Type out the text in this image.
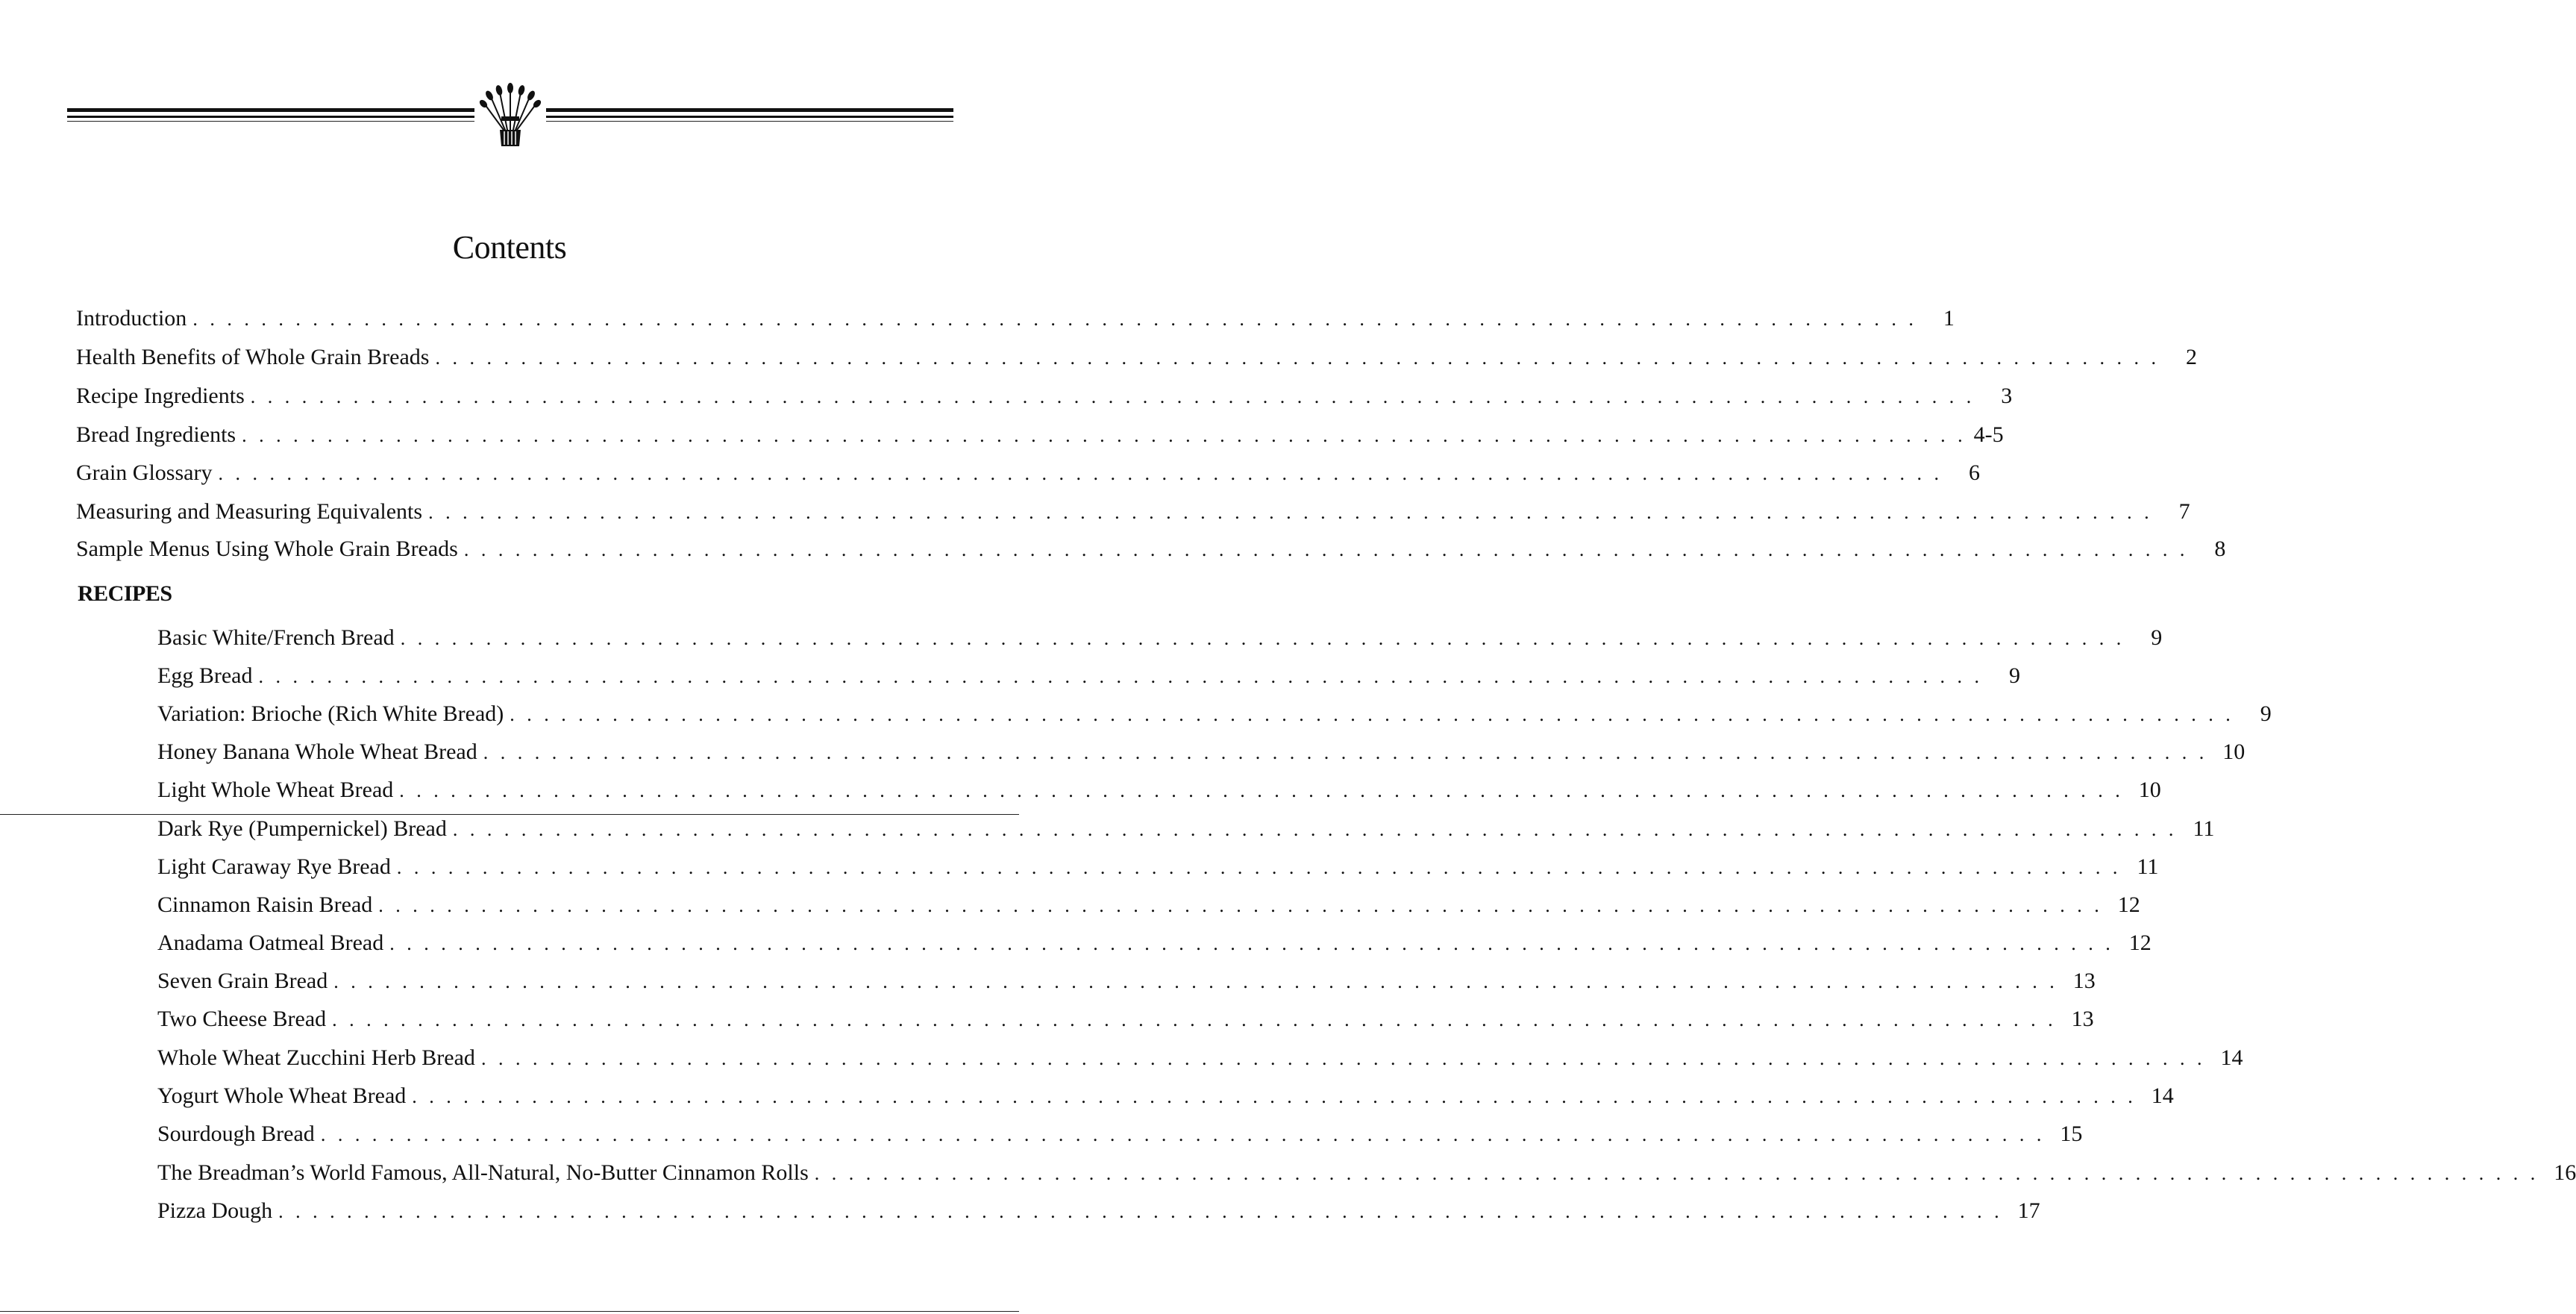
Contents
Introduction . . . . . . . . . . . . . . . . . . . . . . . . . . . . . . . . . . . . . . . . . . . . . . . . . . . . . . . . . . . . . . . . . . . . . . . . . . . . . . . . . . . . . . . . . . . . . . . . . . . . .	1
Health Benefits of Whole Grain Breads . . . . . . . . . . . . . . . . . . . . . . . . . . . . . . . . . . . . . . . . . . . . . . . . . . . . . . . . . . . . . . . . . . . . . . . . . . . . . . . . . . . . . . . . . . . . . . . . . . . . .	2
Recipe Ingredients . . . . . . . . . . . . . . . . . . . . . . . . . . . . . . . . . . . . . . . . . . . . . . . . . . . . . . . . . . . . . . . . . . . . . . . . . . . . . . . . . . . . . . . . . . . . . . . . . . . . .	3
Bread Ingredients . . . . . . . . . . . . . . . . . . . . . . . . . . . . . . . . . . . . . . . . . . . . . . . . . . . . . . . . . . . . . . . . . . . . . . . . . . . . . . . . . . . . . . . . . . . . . . . . . . . . . 4-5
Grain Glossary . . . . . . . . . . . . . . . . . . . . . . . . . . . . . . . . . . . . . . . . . . . . . . . . . . . . . . . . . . . . . . . . . . . . . . . . . . . . . . . . . . . . . . . . . . . . . . . . . . . . .	6
Measuring and Measuring Equivalents . . . . . . . . . . . . . . . . . . . . . . . . . . . . . . . . . . . . . . . . . . . . . . . . . . . . . . . . . . . . . . . . . . . . . . . . . . . . . . . . . . . . . . . . . . . . . . . . . . . . .	7
Sample Menus Using Whole Grain Breads . . . . . . . . . . . . . . . . . . . . . . . . . . . . . . . . . . . . . . . . . . . . . . . . . . . . . . . . . . . . . . . . . . . . . . . . . . . . . . . . . . . . . . . . . . . . . . . . . . . . .	8
RECIPES
Basic White/French Bread . . . . . . . . . . . . . . . . . . . . . . . . . . . . . . . . . . . . . . . . . . . . . . . . . . . . . . . . . . . . . . . . . . . . . . . . . . . . . . . . . . . . . . . . . . . . . . . . . . . . .	9
Egg Bread . . . . . . . . . . . . . . . . . . . . . . . . . . . . . . . . . . . . . . . . . . . . . . . . . . . . . . . . . . . . . . . . . . . . . . . . . . . . . . . . . . . . . . . . . . . . . . . . . . . . .	9
Variation: Brioche (Rich White Bread) . . . . . . . . . . . . . . . . . . . . . . . . . . . . . . . . . . . . . . . . . . . . . . . . . . . . . . . . . . . . . . . . . . . . . . . . . . . . . . . . . . . . . . . . . . . . . . . . . . . . .	9
Honey Banana Whole Wheat Bread . . . . . . . . . . . . . . . . . . . . . . . . . . . . . . . . . . . . . . . . . . . . . . . . . . . . . . . . . . . . . . . . . . . . . . . . . . . . . . . . . . . . . . . . . . . . . . . . . . . . . 10
Light Whole Wheat Bread . . . . . . . . . . . . . . . . . . . . . . . . . . . . . . . . . . . . . . . . . . . . . . . . . . . . . . . . . . . . . . . . . . . . . . . . . . . . . . . . . . . . . . . . . . . . . . . . . . . . . 10
Dark Rye (Pumpernickel) Bread . . . . . . . . . . . . . . . . . . . . . . . . . . . . . . . . . . . . . . . . . . . . . . . . . . . . . . . . . . . . . . . . . . . . . . . . . . . . . . . . . . . . . . . . . . . . . . . . . . . . . 11
Light Caraway Rye Bread . . . . . . . . . . . . . . . . . . . . . . . . . . . . . . . . . . . . . . . . . . . . . . . . . . . . . . . . . . . . . . . . . . . . . . . . . . . . . . . . . . . . . . . . . . . . . . . . . . . . . 11
Cinnamon Raisin Bread . . . . . . . . . . . . . . . . . . . . . . . . . . . . . . . . . . . . . . . . . . . . . . . . . . . . . . . . . . . . . . . . . . . . . . . . . . . . . . . . . . . . . . . . . . . . . . . . . . . . . 12
Anadama Oatmeal Bread . . . . . . . . . . . . . . . . . . . . . . . . . . . . . . . . . . . . . . . . . . . . . . . . . . . . . . . . . . . . . . . . . . . . . . . . . . . . . . . . . . . . . . . . . . . . . . . . . . . . . 12
Seven Grain Bread . . . . . . . . . . . . . . . . . . . . . . . . . . . . . . . . . . . . . . . . . . . . . . . . . . . . . . . . . . . . . . . . . . . . . . . . . . . . . . . . . . . . . . . . . . . . . . . . . . . . . 13
Two Cheese Bread . . . . . . . . . . . . . . . . . . . . . . . . . . . . . . . . . . . . . . . . . . . . . . . . . . . . . . . . . . . . . . . . . . . . . . . . . . . . . . . . . . . . . . . . . . . . . . . . . . . . . 13
Whole Wheat Zucchini Herb Bread . . . . . . . . . . . . . . . . . . . . . . . . . . . . . . . . . . . . . . . . . . . . . . . . . . . . . . . . . . . . . . . . . . . . . . . . . . . . . . . . . . . . . . . . . . . . . . . . . . . . . 14
Yogurt Whole Wheat Bread . . . . . . . . . . . . . . . . . . . . . . . . . . . . . . . . . . . . . . . . . . . . . . . . . . . . . . . . . . . . . . . . . . . . . . . . . . . . . . . . . . . . . . . . . . . . . . . . . . . . . 14
Sourdough Bread . . . . . . . . . . . . . . . . . . . . . . . . . . . . . . . . . . . . . . . . . . . . . . . . . . . . . . . . . . . . . . . . . . . . . . . . . . . . . . . . . . . . . . . . . . . . . . . . . . . . . 15
The Breadman’s World Famous, All-Natural, No-Butter Cinnamon Rolls . . . . . . . . . . . . . . . . . . . . . . . . . . . . . . . . . . . . . . . . . . . . . . . . . . . . . . . . . . . . . . . . . . . . . . . . . . . . . . . . . . . . . . . . . . . . . . . . . . . . . 16
Pizza Dough . . . . . . . . . . . . . . . . . . . . . . . . . . . . . . . . . . . . . . . . . . . . . . . . . . . . . . . . . . . . . . . . . . . . . . . . . . . . . . . . . . . . . . . . . . . . . . . . . . . . . 17
